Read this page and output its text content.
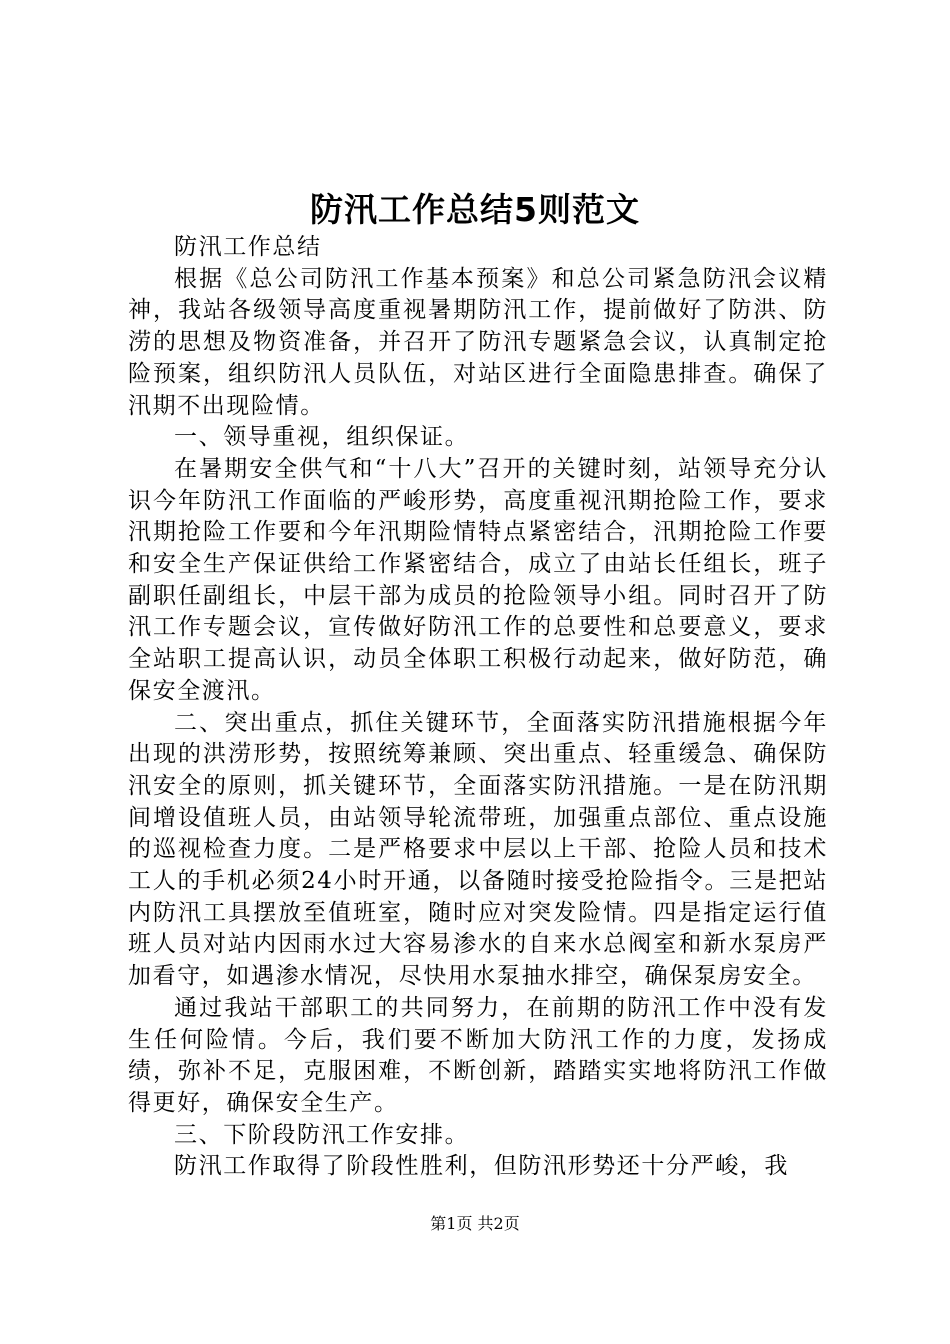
防汛工作总结5则范文

防汛工作总结

根据《总公司防汛工作基本预案》和总公司紧急防汛会议精神，我站各级领导高度重视暑期防汛工作，提前做好了防洪、防涝的思想及物资准备，并召开了防汛专题紧急会议，认真制定抢险预案，组织防汛人员队伍，对站区进行全面隐患排查。确保了汛期不出现险情。

一、领导重视，组织保证。

在暑期安全供气和“十八大”召开的关键时刻，站领导充分认识今年防汛工作面临的严峻形势，高度重视汛期抢险工作，要求汛期抢险工作要和今年汛期险情特点紧密结合，汛期抢险工作要和安全生产保证供给工作紧密结合，成立了由站长任组长，班子副职任副组长，中层干部为成员的抢险领导小组。同时召开了防汛工作专题会议，宣传做好防汛工作的总要性和总要意义，要求全站职工提高认识，动员全体职工积极行动起来，做好防范，确保安全渡汛。

二、突出重点，抓住关键环节，全面落实防汛措施根据今年出现的洪涝形势，按照统筹兼顾、突出重点、轻重缓急、确保防汛安全的原则，抓关键环节，全面落实防汛措施。一是在防汛期间增设值班人员，由站领导轮流带班，加强重点部位、重点设施的巡视检查力度。二是严格要求中层以上干部、抢险人员和技术工人的手机必须24小时开通，以备随时接受抢险指令。三是把站内防汛工具摆放至值班室，随时应对突发险情。四是指定运行值班人员对站内因雨水过大容易渗水的自来水总阀室和新水泵房严加看守，如遇渗水情况，尽快用水泵抽水排空，确保泵房安全。

通过我站干部职工的共同努力，在前期的防汛工作中没有发生任何险情。今后，我们要不断加大防汛工作的力度，发扬成绩，弥补不足，克服困难，不断创新，踏踏实实地将防汛工作做得更好，确保安全生产。

三、下阶段防汛工作安排。

防汛工作取得了阶段性胜利，但防汛形势还十分严峻，我

第1页 共2页
